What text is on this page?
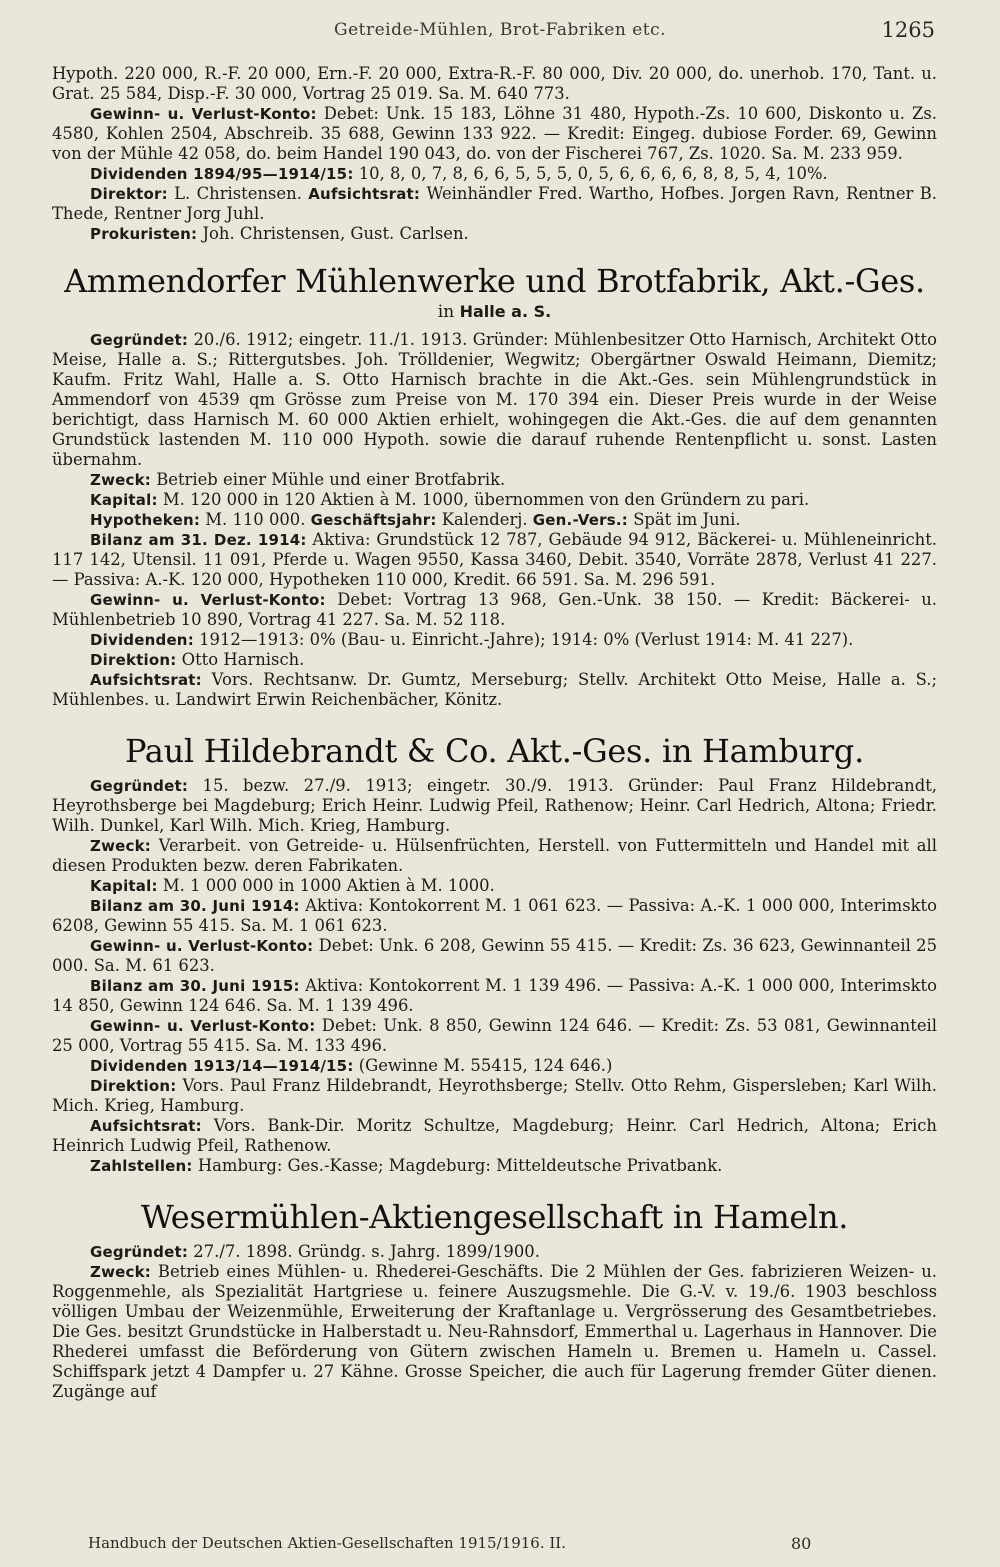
Getreide-Mühlen, Brot-Fabriken etc.	1265

Hypoth. 220 000, R.-F. 20 000, Ern.-F. 20 000, Extra-R.-F. 80 000, Div. 20 000, do. unerhob. 170, Tant. u. Grat. 25 584, Disp.-F. 30 000, Vortrag 25 019. Sa. M. 640 773.

Gewinn- u. Verlust-Konto: Debet: Unk. 15 183, Löhne 31 480, Hypoth.-Zs. 10 600, Diskonto u. Zs. 4580, Kohlen 2504, Abschreib. 35 688, Gewinn 133 922. — Kredit: Eingeg. dubiose Forder. 69, Gewinn von der Mühle 42 058, do. beim Handel 190 043, do. von der Fischerei 767, Zs. 1020. Sa. M. 233 959.

Dividenden 1894/95—1914/15: 10, 8, 0, 7, 8, 6, 6, 5, 5, 5, 0, 5, 6, 6, 6, 6, 8, 8, 5, 4, 10%.

Direktor: L. Christensen. Aufsichtsrat: Weinhändler Fred. Wartho, Hofbes. Jorgen Ravn, Rentner B. Thede, Rentner Jorg Juhl.

Prokuristen: Joh. Christensen, Gust. Carlsen.

Ammendorfer Mühlenwerke und Brotfabrik, Akt.-Ges.
in Halle a. S.

Gegründet: 20./6. 1912; eingetr. 11./1. 1913. Gründer: Mühlenbesitzer Otto Harnisch, Architekt Otto Meise, Halle a. S.; Rittergutsbes. Joh. Trölldenier, Wegwitz; Obergärtner Oswald Heimann, Diemitz; Kaufm. Fritz Wahl, Halle a. S. Otto Harnisch brachte in die Akt.-Ges. sein Mühlengrundstück in Ammendorf von 4539 qm Grösse zum Preise von M. 170 394 ein. Dieser Preis wurde in der Weise berichtigt, dass Harnisch M. 60 000 Aktien erhielt, wohingegen die Akt.-Ges. die auf dem genannten Grundstück lastenden M. 110 000 Hypoth. sowie die darauf ruhende Rentenpflicht u. sonst. Lasten übernahm.

Zweck: Betrieb einer Mühle und einer Brotfabrik.

Kapital: M. 120 000 in 120 Aktien à M. 1000, übernommen von den Gründern zu pari.

Hypotheken: M. 110 000. Geschäftsjahr: Kalenderj. Gen.-Vers.: Spät im Juni.

Bilanz am 31. Dez. 1914: Aktiva: Grundstück 12 787, Gebäude 94 912, Bäckerei- u. Mühleneinricht. 117 142, Utensil. 11 091, Pferde u. Wagen 9550, Kassa 3460, Debit. 3540, Vorräte 2878, Verlust 41 227. — Passiva: A.-K. 120 000, Hypotheken 110 000, Kredit. 66 591. Sa. M. 296 591.

Gewinn- u. Verlust-Konto: Debet: Vortrag 13 968, Gen.-Unk. 38 150. — Kredit: Bäckerei- u. Mühlenbetrieb 10 890, Vortrag 41 227. Sa. M. 52 118.

Dividenden: 1912—1913: 0% (Bau- u. Einricht.-Jahre); 1914: 0% (Verlust 1914: M. 41 227).

Direktion: Otto Harnisch.

Aufsichtsrat: Vors. Rechtsanw. Dr. Gumtz, Merseburg; Stellv. Architekt Otto Meise, Halle a. S.; Mühlenbes. u. Landwirt Erwin Reichenbächer, Könitz.

Paul Hildebrandt & Co. Akt.-Ges. in Hamburg.

Gegründet: 15. bezw. 27./9. 1913; eingetr. 30./9. 1913. Gründer: Paul Franz Hildebrandt, Heyrothsberge bei Magdeburg; Erich Heinr. Ludwig Pfeil, Rathenow; Heinr. Carl Hedrich, Altona; Friedr. Wilh. Dunkel, Karl Wilh. Mich. Krieg, Hamburg.

Zweck: Verarbeit. von Getreide- u. Hülsenfrüchten, Herstell. von Futtermitteln und Handel mit all diesen Produkten bezw. deren Fabrikaten.

Kapital: M. 1 000 000 in 1000 Aktien à M. 1000.

Bilanz am 30. Juni 1914: Aktiva: Kontokorrent M. 1 061 623. — Passiva: A.-K. 1 000 000, Interimskto 6208, Gewinn 55 415. Sa. M. 1 061 623.

Gewinn- u. Verlust-Konto: Debet: Unk. 6 208, Gewinn 55 415. — Kredit: Zs. 36 623, Gewinnanteil 25 000. Sa. M. 61 623.

Bilanz am 30. Juni 1915: Aktiva: Kontokorrent M. 1 139 496. — Passiva: A.-K. 1 000 000, Interimskto 14 850, Gewinn 124 646. Sa. M. 1 139 496.

Gewinn- u. Verlust-Konto: Debet: Unk. 8 850, Gewinn 124 646. — Kredit: Zs. 53 081, Gewinnanteil 25 000, Vortrag 55 415. Sa. M. 133 496.

Dividenden 1913/14—1914/15: (Gewinne M. 55415, 124 646.)

Direktion: Vors. Paul Franz Hildebrandt, Heyrothsberge; Stellv. Otto Rehm, Gispersleben; Karl Wilh. Mich. Krieg, Hamburg.

Aufsichtsrat: Vors. Bank-Dir. Moritz Schultze, Magdeburg; Heinr. Carl Hedrich, Altona; Erich Heinrich Ludwig Pfeil, Rathenow.

Zahlstellen: Hamburg: Ges.-Kasse; Magdeburg: Mitteldeutsche Privatbank.

Wesermühlen-Aktiengesellschaft in Hameln.

Gegründet: 27./7. 1898. Gründg. s. Jahrg. 1899/1900.

Zweck: Betrieb eines Mühlen- u. Rhederei-Geschäfts. Die 2 Mühlen der Ges. fabrizieren Weizen- u. Roggenmehle, als Spezialität Hartgriese u. feinere Auszugsmehle. Die G.-V. v. 19./6. 1903 beschloss völligen Umbau der Weizenmühle, Erweiterung der Kraftanlage u. Vergrösserung des Gesamtbetriebes. Die Ges. besitzt Grundstücke in Halberstadt u. Neu-Rahnsdorf, Emmerthal u. Lagerhaus in Hannover. Die Rhederei umfasst die Beförderung von Gütern zwischen Hameln u. Bremen u. Hameln u. Cassel. Schiffspark jetzt 4 Dampfer u. 27 Kähne. Grosse Speicher, die auch für Lagerung fremder Güter dienen. Zugänge auf

Handbuch der Deutschen Aktien-Gesellschaften 1915/1916. II.	80
